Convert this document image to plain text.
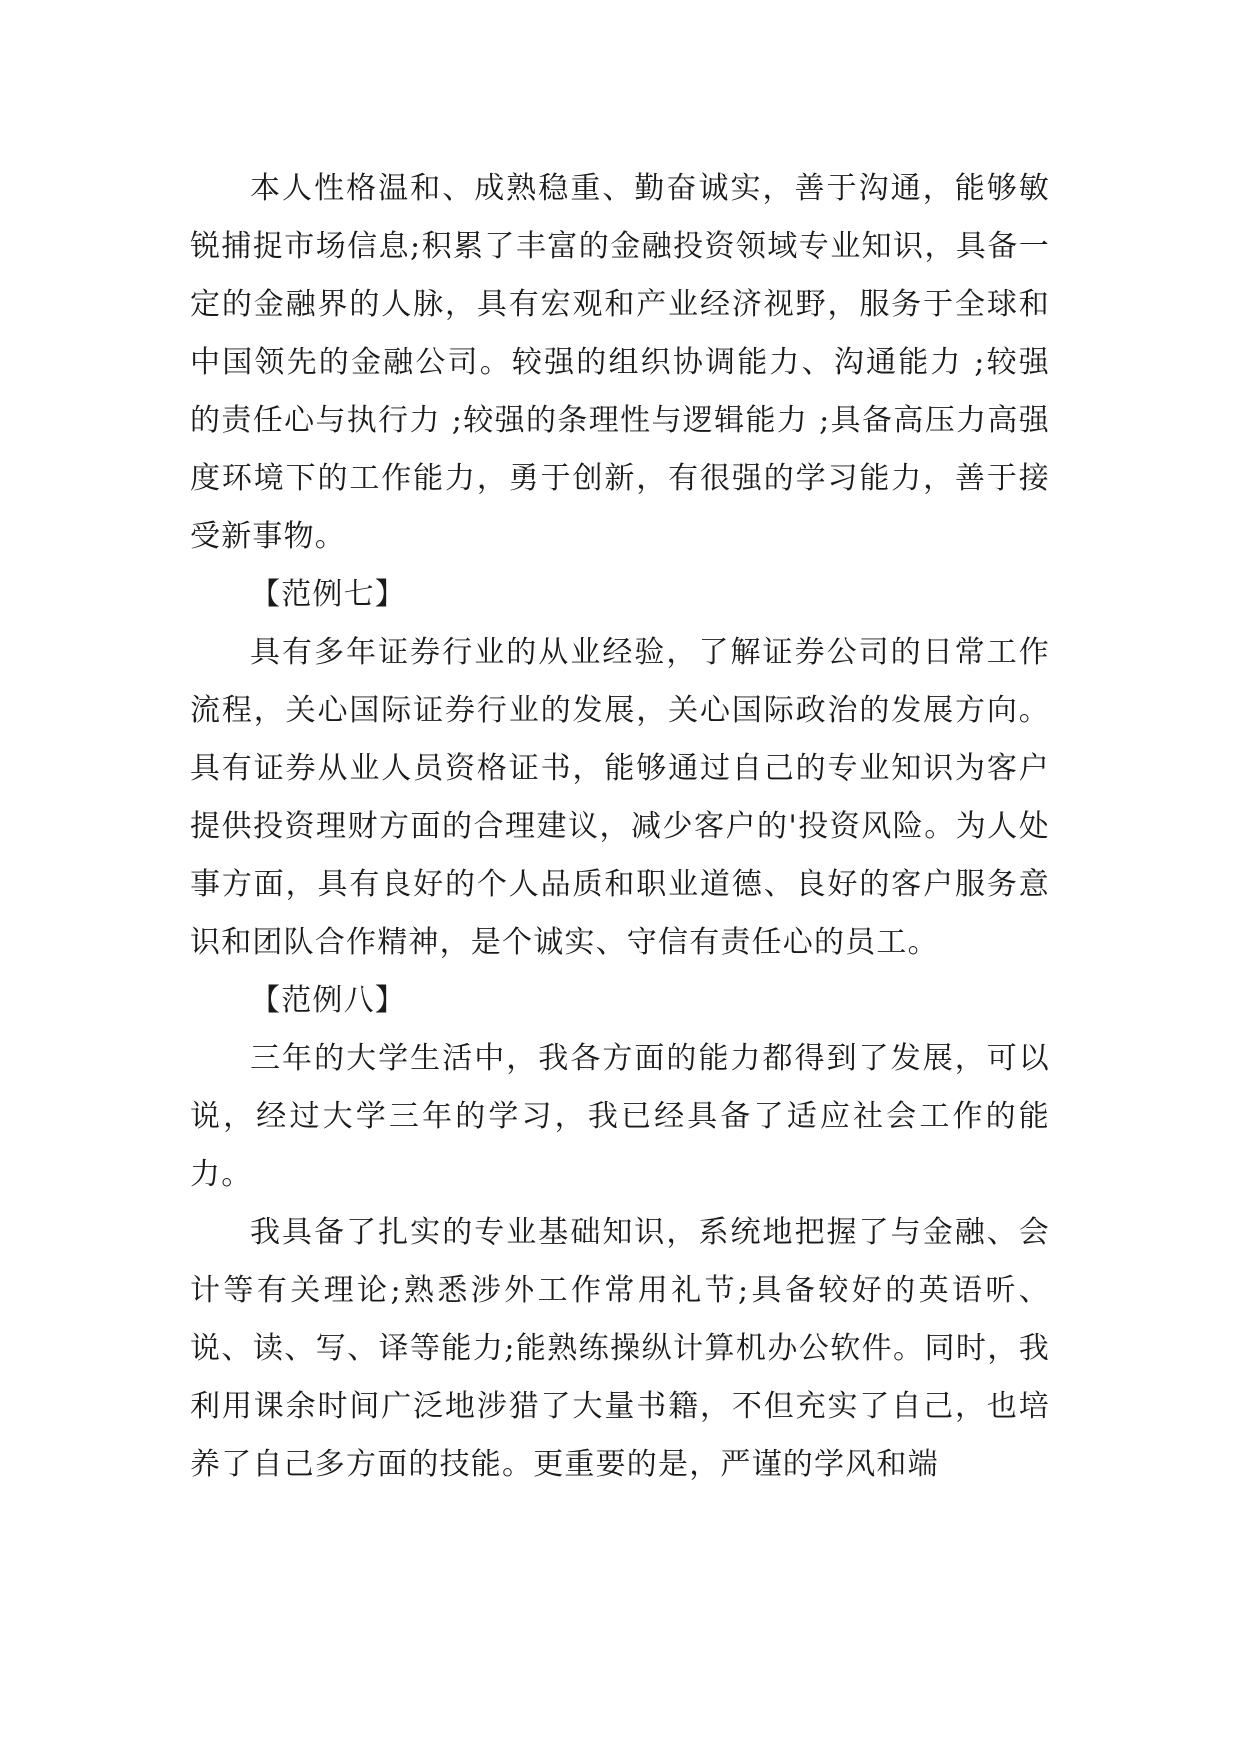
本人性格温和、成熟稳重、勤奋诚实，善于沟通，能够敏锐捕捉市场信息;积累了丰富的金融投资领域专业知识，具备一定的金融界的人脉，具有宏观和产业经济视野，服务于全球和中国领先的金融公司。较强的组织协调能力、沟通能力 ;较强的责任心与执行力 ;较强的条理性与逻辑能力 ;具备高压力高强度环境下的工作能力，勇于创新，有很强的学习能力，善于接受新事物。

【范例七】

具有多年证券行业的从业经验，了解证券公司的日常工作流程，关心国际证券行业的发展，关心国际政治的发展方向。具有证券从业人员资格证书，能够通过自己的专业知识为客户提供投资理财方面的合理建议，减少客户的'投资风险。为人处事方面，具有良好的个人品质和职业道德、良好的客户服务意识和团队合作精神，是个诚实、守信有责任心的员工。

【范例八】

三年的大学生活中，我各方面的能力都得到了发展，可以说，经过大学三年的学习，我已经具备了适应社会工作的能力。

我具备了扎实的专业基础知识，系统地把握了与金融、会计等有关理论;熟悉涉外工作常用礼节;具备较好的英语听、说、读、写、译等能力;能熟练操纵计算机办公软件。同时，我利用课余时间广泛地涉猎了大量书籍，不但充实了自己，也培养了自己多方面的技能。更重要的是，严谨的学风和端
